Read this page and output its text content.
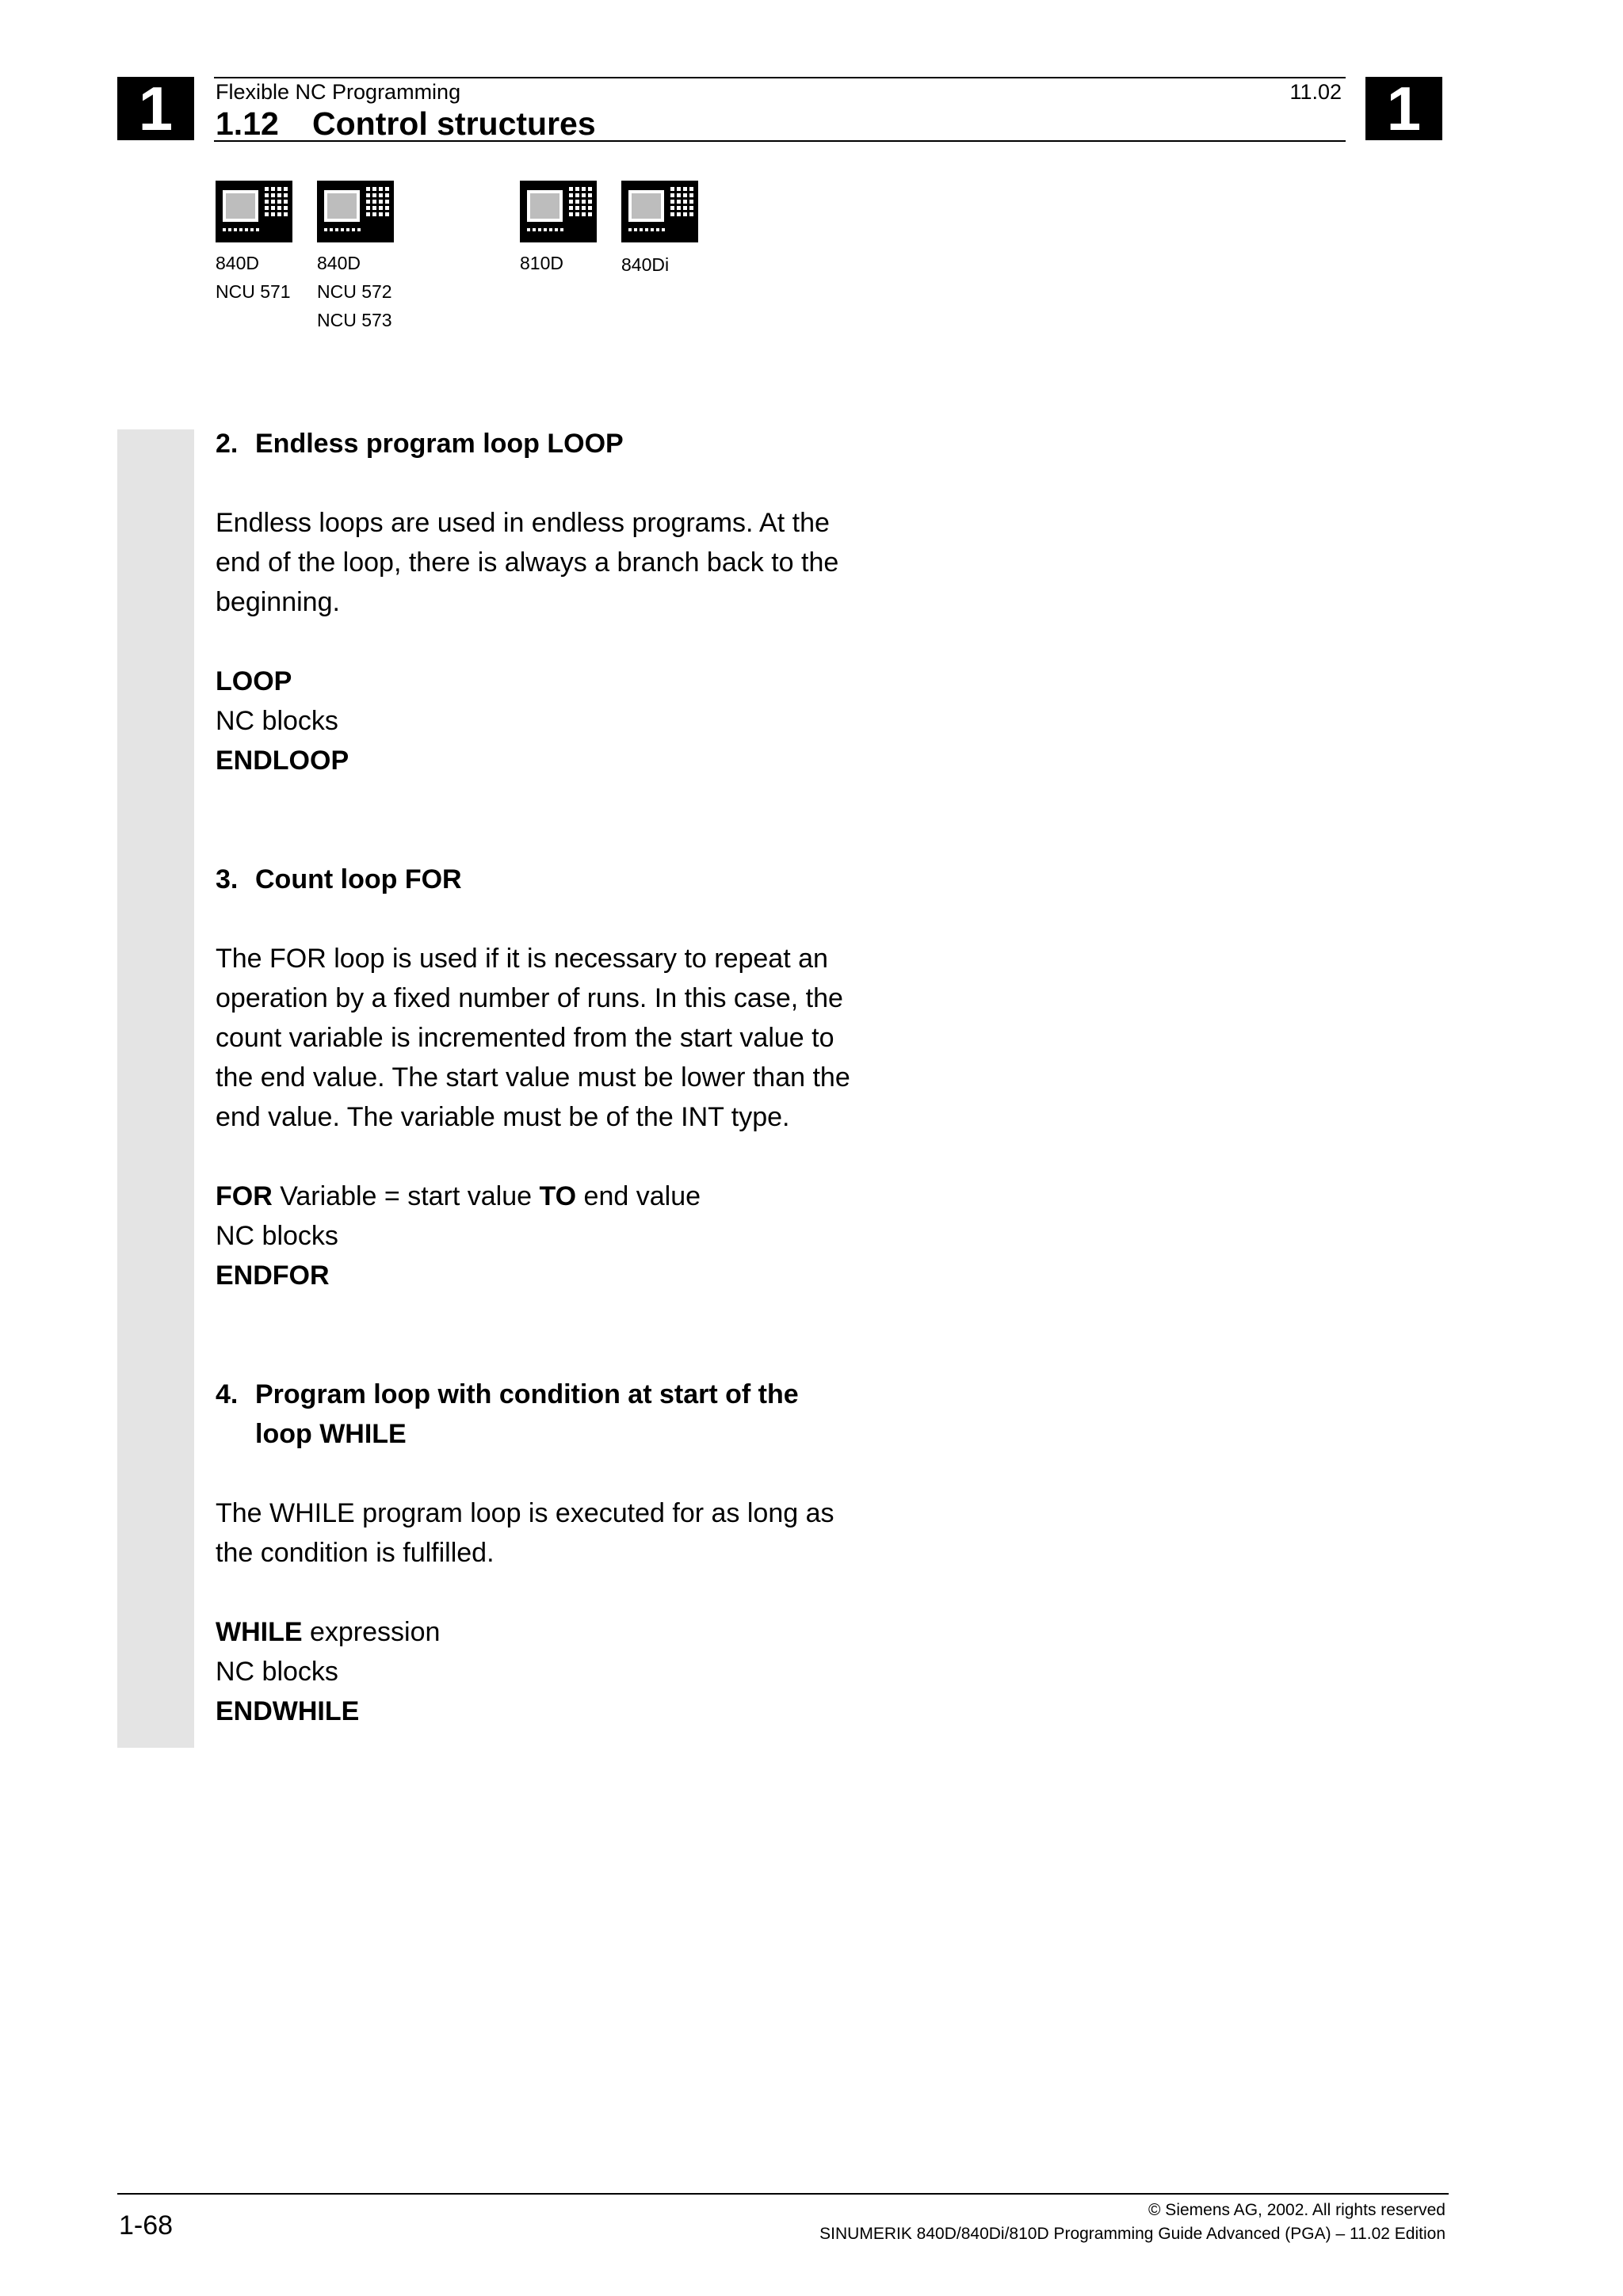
1	1
Flexible NC Programming	11.02
1.12 Control structures
840D
NCU 571
840D
NCU 572
NCU 573
810D	840Di
2. Endless program loop LOOP

Endless loops are used in endless programs. At the end of the loop, there is always a branch back to the beginning.

LOOP

NC blocks

ENDLOOP

3. Count loop FOR

The FOR loop is used if it is necessary to repeat an operation by a fixed number of runs. In this case, the count variable is incremented from the start value to the end value. The start value must be lower than the end value. The variable must be of the INT type.

FOR Variable = start value TO end value

NC blocks

ENDFOR

4. Program loop with condition at start of the
loop WHILE

The WHILE program loop is executed for as long as the condition is fulfilled.

WHILE expression

NC blocks

ENDWHILE

1-68
© Siemens AG, 2002. All rights reserved
SINUMERIK 840D/840Di/810D Programming Guide Advanced (PGA) – 11.02 Edition
